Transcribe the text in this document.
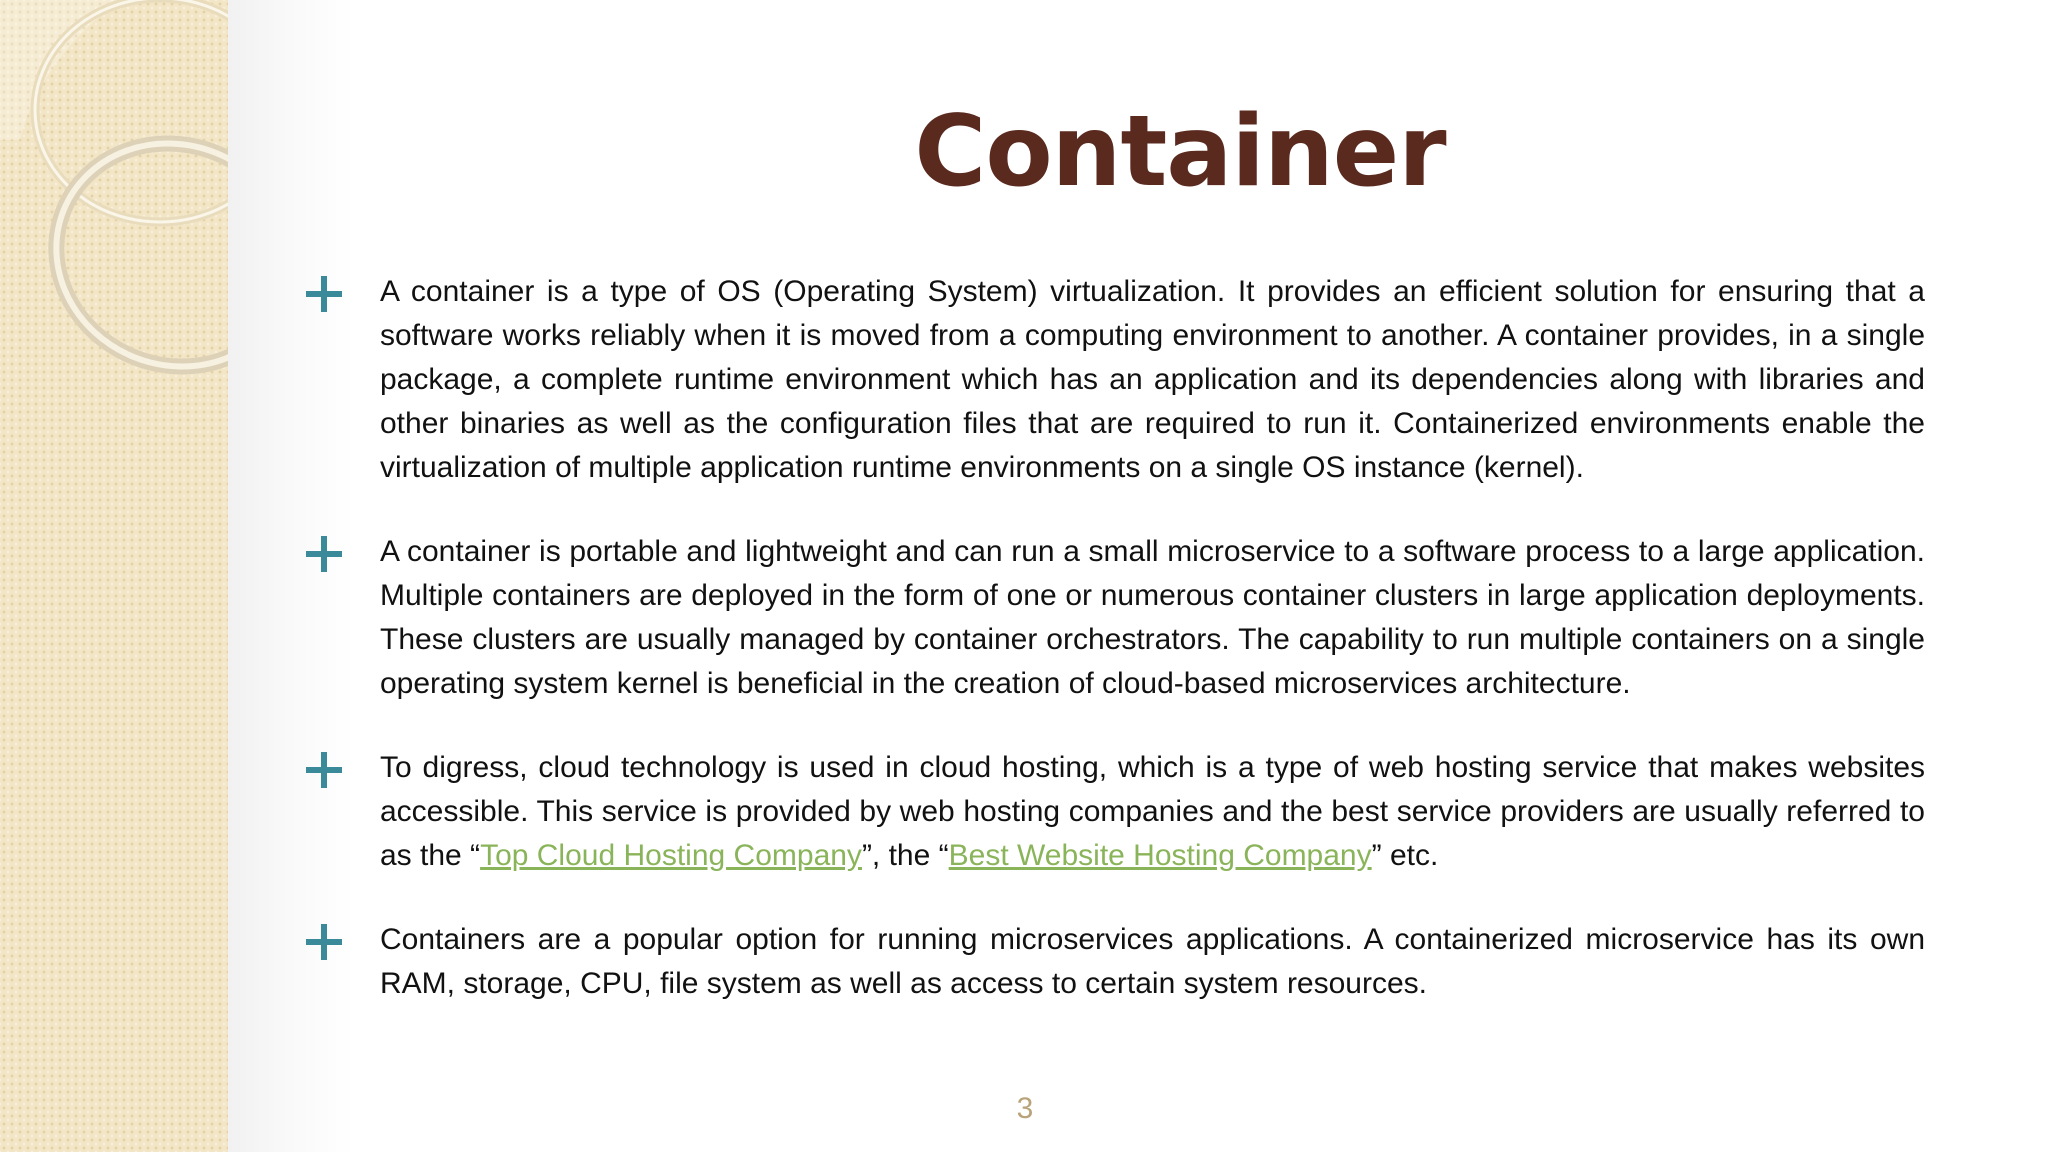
Container

A container is a type of OS (Operating System) virtualization. It provides an efficient solution for ensuring that a software works reliably when it is moved from a computing environment to another. A container provides, in a single package, a complete runtime environment which has an application and its dependencies along with libraries and other binaries as well as the configuration files that are required to run it. Containerized environments enable the virtualization of multiple application runtime environments on a single OS instance (kernel).

A container is portable and lightweight and can run a small microservice to a software process to a large application. Multiple containers are deployed in the form of one or numerous container clusters in large application deployments. These clusters are usually managed by container orchestrators. The capability to run multiple containers on a single operating system kernel is beneficial in the creation of cloud-based microservices architecture.

To digress, cloud technology is used in cloud hosting, which is a type of web hosting service that makes websites accessible. This service is provided by web hosting companies and the best service providers are usually referred to as the “Top Cloud Hosting Company”, the “Best Website Hosting Company” etc.

Containers are a popular option for running microservices applications. A containerized microservice has its own RAM, storage, CPU, file system as well as access to certain system resources.

3
